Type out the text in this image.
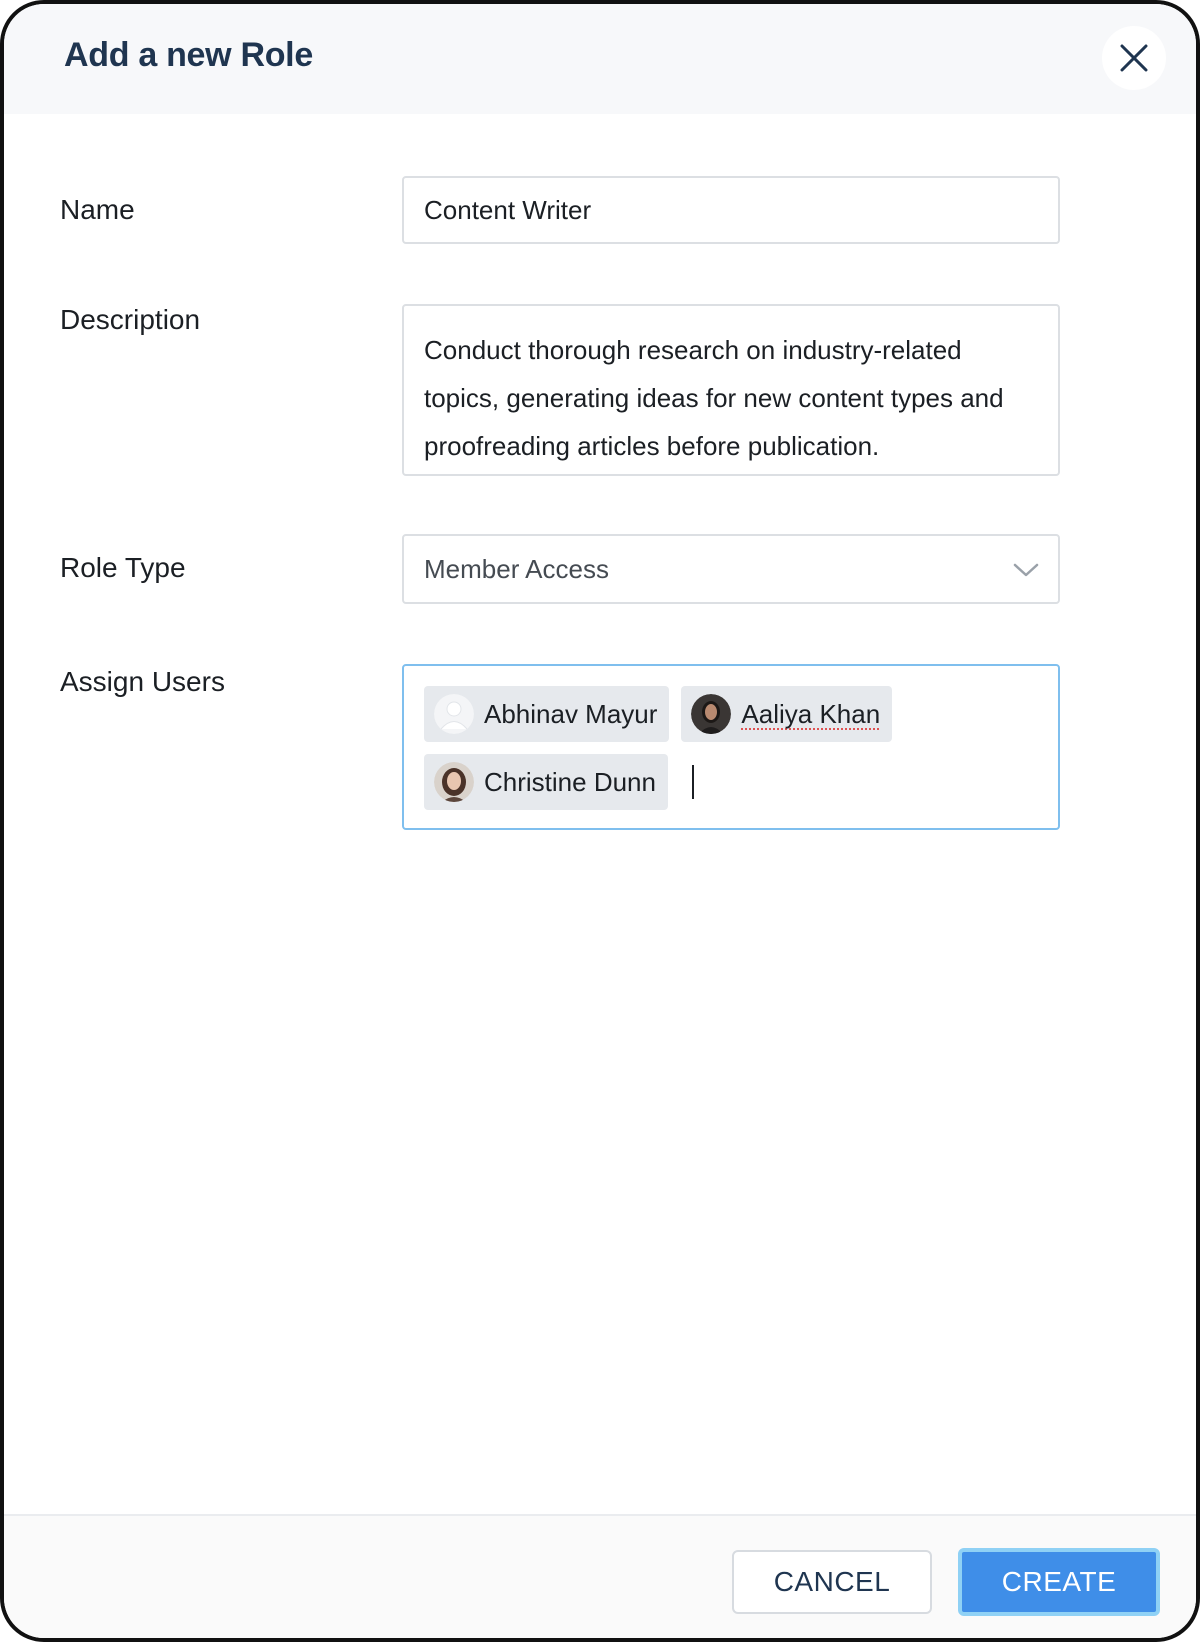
Add a new Role
Name	Content Writer
Description
Conduct thorough research on industry-related topics, generating ideas for new content types and proofreading articles before publication.
Role Type	Member Access
Assign Users
Abhinav Mayur	Aaliya Khan
Christine Dunn
CANCEL	CREATE
